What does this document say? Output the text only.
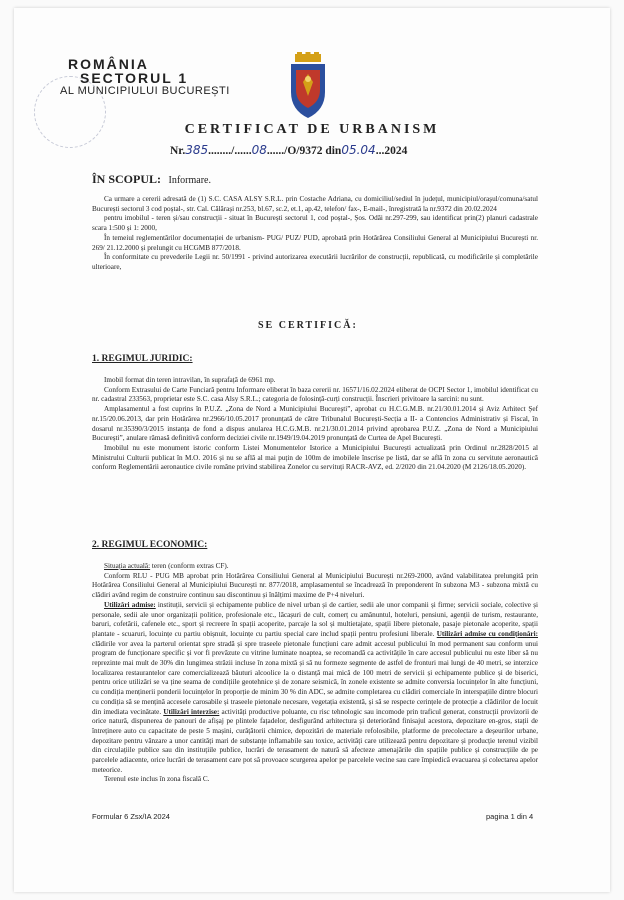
ROMÂNIA
SECTORUL 1
AL MUNICIPIULUI BUCUREȘTI
CERTIFICAT DE URBANISM
Nr.385......../......08....../O/9372 din05.04...2024
ÎN SCOPUL: Informare.

Ca urmare a cererii adresată de (1) S.C. CASA ALSY S.R.L. prin Costache Adriana, cu domiciliul/sediul în județul, municipiul/orașul/comuna/satul București sectorul 3 cod poștal-, str. Cal. Călărași nr.253, bl.67, sc.2, et.1, ap.42, telefon/ fax-, E-mail-, înregistrată la nr.9372 din 20.02.2024

pentru imobilul - teren și/sau construcții - situat în București sectorul 1, cod poștal-, Șos. Odăi nr.297-299, sau identificat prin(2) planuri cadastrale scara 1:500 și 1: 2000,

În temeiul reglementărilor documentației de urbanism- PUG/ PUZ/ PUD, aprobată prin Hotărârea Consiliului General al Municipiului București nr. 269/ 21.12.2000 și prelungit cu HCGMB 877/2018.

În conformitate cu prevederile Legii nr. 50/1991 - privind autorizarea executării lucrărilor de construcții, republicată, cu modificările și completările ulterioare,

SE CERTIFICĂ:
1. REGIMUL JURIDIC:

Imobil format din teren intravilan, în suprafață de 6961 mp.

Conform Extrasului de Carte Funciară pentru Informare eliberat în baza cererii nr. 16571/16.02.2024 eliberat de OCPI Sector 1, imobilul identificat cu nr. cadastral 233563, proprietar este S.C. casa Alsy S.R.L.; categoria de folosință-curți construcții. Înscrieri privitoare la sarcini: nu sunt.

Amplasamentul a fost cuprins în P.U.Z. „Zona de Nord a Municipiului București”, aprobat cu H.C.G.M.B. nr.21/30.01.2014 și Aviz Arhitect Șef nr.15/20.06.2013, dar prin Hotărârea nr.2966/10.05.2017 pronunțată de către Tribunalul București-Secția a II- a Contencios Administrativ și Fiscal, în dosarul nr.35390/3/2015 instanța de fond a dispus anularea H.C.G.M.B. nr.21/30.01.2014 privind aprobarea P.U.Z. „Zona de Nord a Municipiului București”, anulare rămasă definitivă conform deciziei civile nr.1949/19.04.2019 pronunțată de Curtea de Apel București.

Imobilul nu este monument istoric conform Listei Monumentelor Istorice a Municipiului București actualizată prin Ordinul nr.2828/2015 al Ministrului Culturii publicat în M.O. 2016 și nu se află al mai puțin de 100m de imobilele înscrise pe listă, dar se află în zona cu servitute aeronautică conform Reglementării aeronautice civile române privind stabilirea Zonelor cu servituți RACR-AVZ, ed. 2/2020 din 21.04.2020 (M 2126/18.05.2020).

2. REGIMUL ECONOMIC:

Situația actuală: teren (conform extras CF).

Conform RLU - PUG MB aprobat prin Hotărârea Consiliului General al Municipiului București nr.269-2000, având valabilitatea prelungită prin Hotărârea Consiliului General al Municipiului București nr. 877/2018, amplasamentul se încadrează în preponderent în subzona M3 - subzona mixtă cu clădiri având regim de construire continuu sau discontinuu și înălțimi maxime de P+4 niveluri.

Utilizări admise: instituții, servicii și echipamente publice de nivel urban și de cartier, sedii ale unor companii și firme; servicii sociale, colective și personale, sedii ale unor organizații politice, profesionale etc., lăcașuri de cult, comerț cu amănuntul, hoteluri, pensiuni, agenții de turism, restaurante, baruri, cofetării, cafenele etc., sport și recreere în spații acoperite, parcaje la sol și multietajate, spații libere pietonale, pasaje pietonale acoperite, spații plantate - scuaruri, locuințe cu partiu obișnuit, locuințe cu partiu special care includ spații pentru profesiuni liberale. Utilizări admise cu condiționări: clădirile vor avea la parterul orientat spre stradă și spre traseele pietonale funcțiuni care admit accesul publicului în mod permanent sau conform unui program de funcționare specific și vor fi prevăzute cu vitrine luminate noaptea, se recomandă ca activitățile în care accesul publicului nu este liber să nu reprezinte mai mult de 30% din lungimea străzii incluse în zona mixtă și să nu formeze segmente de astfel de fronturi mai lungi de 40 metri, se interzice localizarea restaurantelor care comercializează băuturi alcoolice la o distanță mai mică de 100 metri de servicii și echipamente publice și de biserici, pentru orice utilizări se va ține seama de condițiile geotehnice și de zonare seismică, în zonele existente se admite conversia locuințelor în alte funcțiuni, cu condiția menținerii ponderii locuințelor în proporție de minim 30 % din ADC, se admite completarea cu clădiri comerciale în interspațiile dintre blocuri cu condiția să se mențină accesele carosabile și traseele pietonale necesare, vegetația existentă, și să se respecte cerințele de protecție a clădirilor de locuit din imediata vecinătate. Utilizări interzise: activități productive poluante, cu risc tehnologic sau incomode prin traficul generat, construcții provizorii de orice natură, dispunerea de panouri de afișaj pe plintele fațadelor, desfigurând arhitectura și deteriorând finisajul acestora, depozitare en-gros, stații de întreținere auto cu capacitate de peste 5 mașini, curățătorii chimice, depozitări de materiale refolosibile, platforme de precolectare a deșeurilor urbane, depozitare pentru vânzare a unor cantități mari de substanțe inflamabile sau toxice, activități care utilizează pentru depozitare și producție terenul vizibil din circulațiile publice sau din instituțiile publice, lucrări de terasament de natură să afecteze amenajările din spațiile publice și construcțiile de pe parcelele adiacente, orice lucrări de terasament care pot să provoace scurgerea apelor pe parcelele vecine sau care împiedică evacuarea și colectarea apelor meteorice.

Terenul este inclus în zona fiscală C.

Formular 6 Zsx/IA 2024	pagina 1 din 4
